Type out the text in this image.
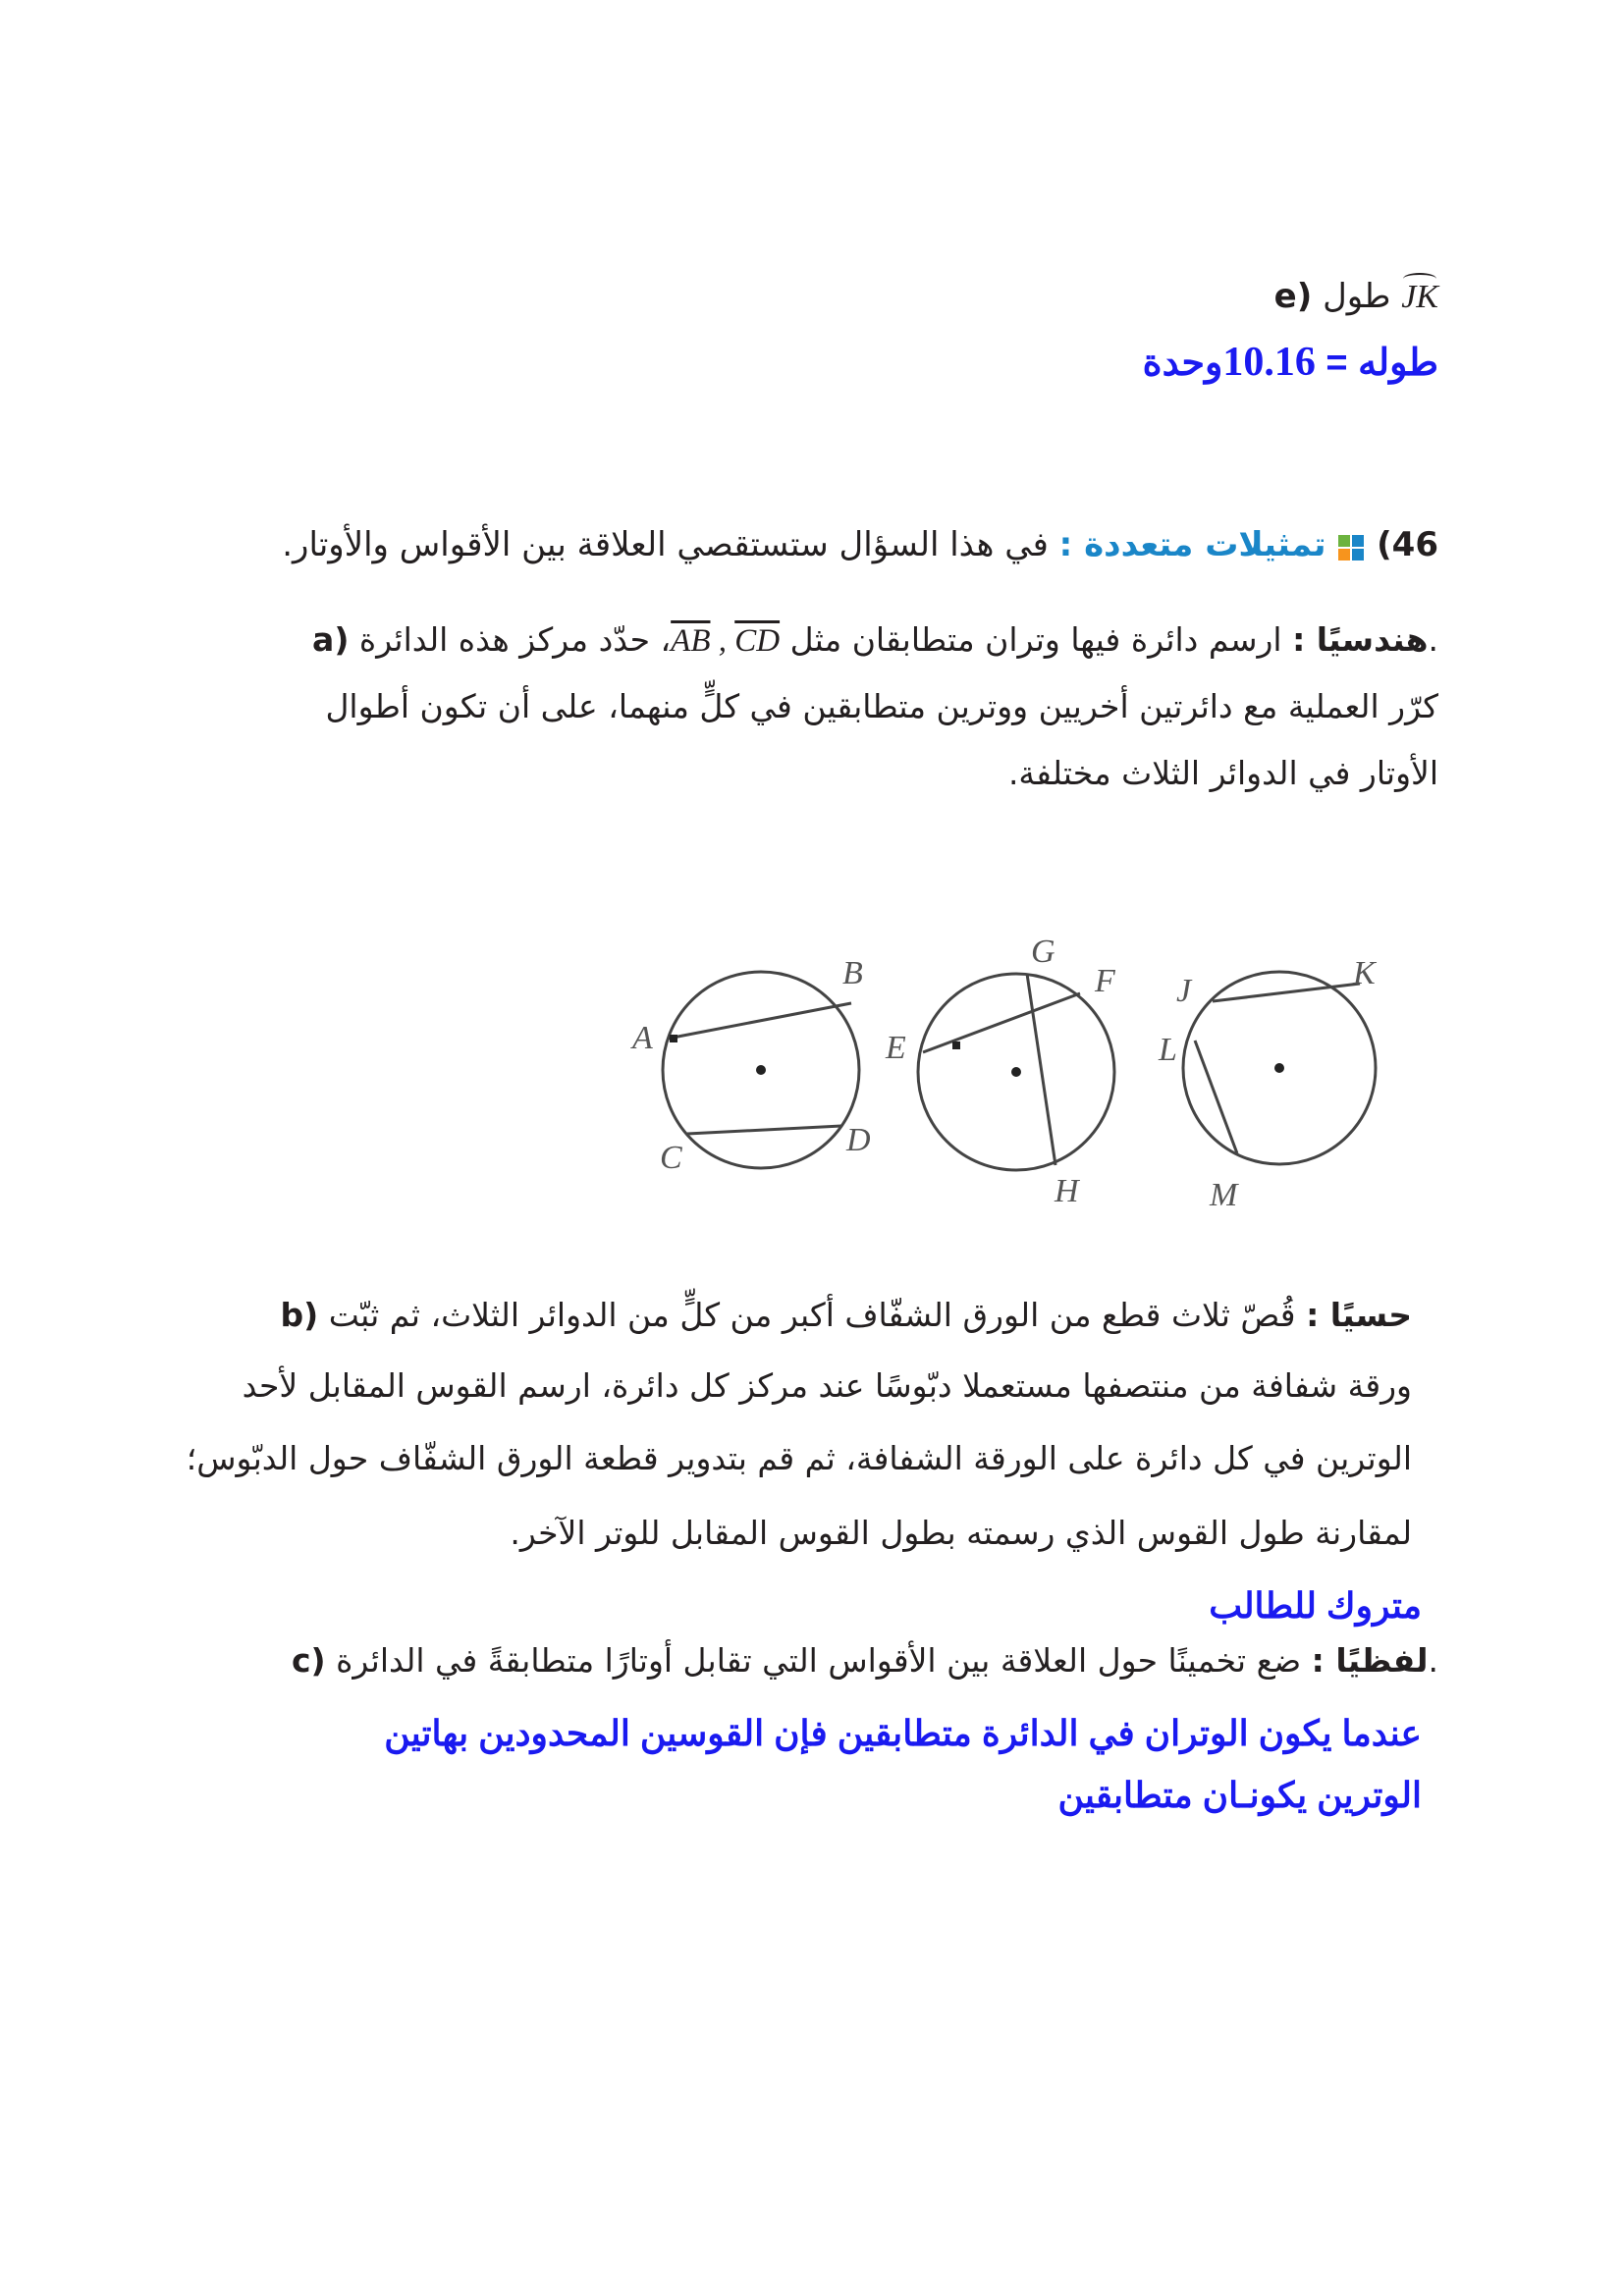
e) طول JK
طوله = 10.16وحدة
46)  تمثيلات متعددة : في هذا السؤال ستستقصي العلاقة بين الأقواس والأوتار.
a)	هندسيًا : ارسم دائرة فيها وتران متطابقان مثل $\overline{AB}$ , $\overline{CD}،$ حدّد مركز هذه الدائرة.
كرّر العملية مع دائرتين أخريين ووترين متطابقين في كلٍّ منهما، على أن تكون أطوال
الأوتار في الدوائر الثلاث مختلفة.
A
B
C	D
E
F
G
H
J	K
L
M
b)	حسيًا : قُصّ ثلاث قطع من الورق الشفّاف أكبر من كلٍّ من الدوائر الثلاث، ثم ثبّت
ورقة شفافة من منتصفها مستعملا دبّوسًا عند مركز كل دائرة، ارسم القوس المقابل لأحد
الوترين في كل دائرة على الورقة الشفافة، ثم قم بتدوير قطعة الورق الشفّاف حول الدبّوس؛
لمقارنة طول القوس الذي رسمته بطول القوس المقابل للوتر الآخر.
متروك للطالب
c)	لفظيًا : ضع تخمينًا حول العلاقة بين الأقواس التي تقابل أوتارًا متطابقةً في الدائرة.
عندما يكون الوتران في الدائرة متطابقين فإن القوسين المحدودين بهاتين
الوترين يكونـان متطابقين
